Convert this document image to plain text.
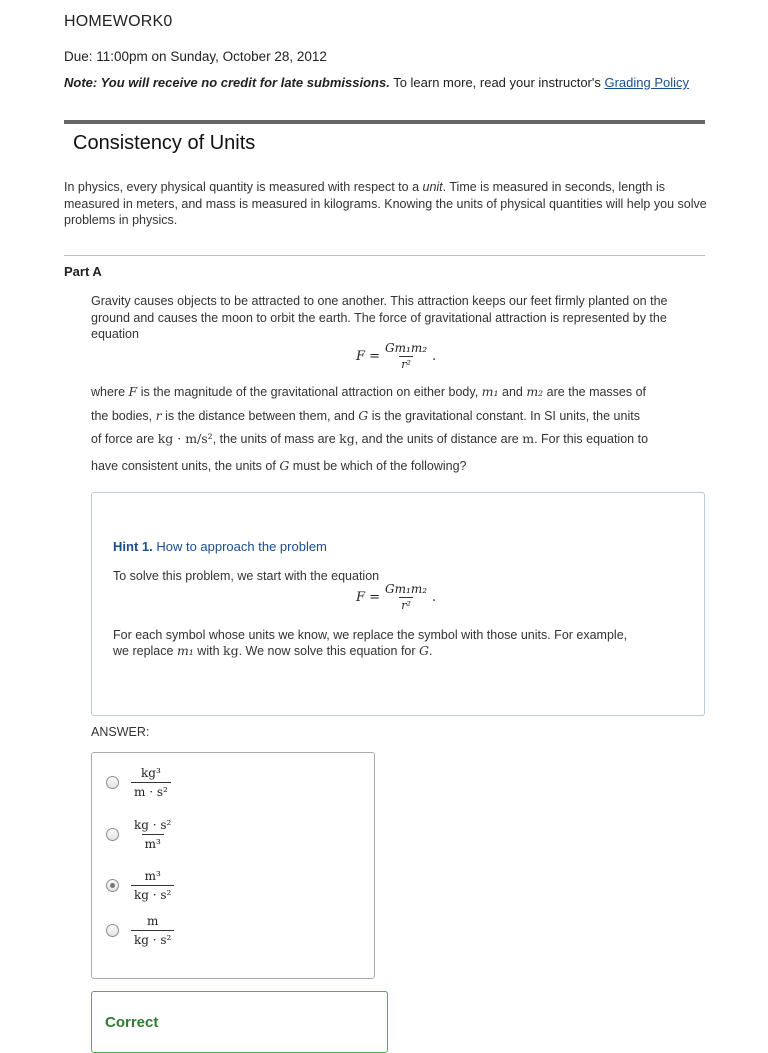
HOMEWORK0
Due: 11:00pm on Sunday, October 28, 2012
Note: You will receive no credit for late submissions. To learn more, read your instructor's Grading Policy
Consistency of Units
In physics, every physical quantity is measured with respect to a unit. Time is measured in seconds, length is measured in meters, and mass is measured in kilograms. Knowing the units of physical quantities will help you solve problems in physics.
Part A
Gravity causes objects to be attracted to one another. This attraction keeps our feet firmly planted on the ground and causes the moon to orbit the earth. The force of gravitational attraction is represented by the equation
$F = \frac{\text{Gm₁m₂}}{\text{r²}}$ .
where F is the magnitude of the gravitational attraction on either body, m₁ and m₂ are the masses of
the bodies, r is the distance between them, and G is the gravitational constant. In SI units, the units
of force are kg · m/s², the units of mass are kg, and the units of distance are m. For this equation to
have consistent units, the units of G must be which of the following?
Hint 1. How to approach the problem
To solve this problem, we start with the equation
$F = \frac{\text{Gm₁m₂}}{\text{r²}}$ .
For each symbol whose units we know, we replace the symbol with those units. For example,
we replace m₁ with kg. We now solve this equation for G.
ANSWER:
$\frac{\text{kg³}}{\text{m · s²}}$
$\frac{\text{kg · s²}}{\text{m³}}$
$\frac{\text{m³}}{\text{kg · s²}}$
$\frac{m}{\text{kg · s²}}$
Correct
